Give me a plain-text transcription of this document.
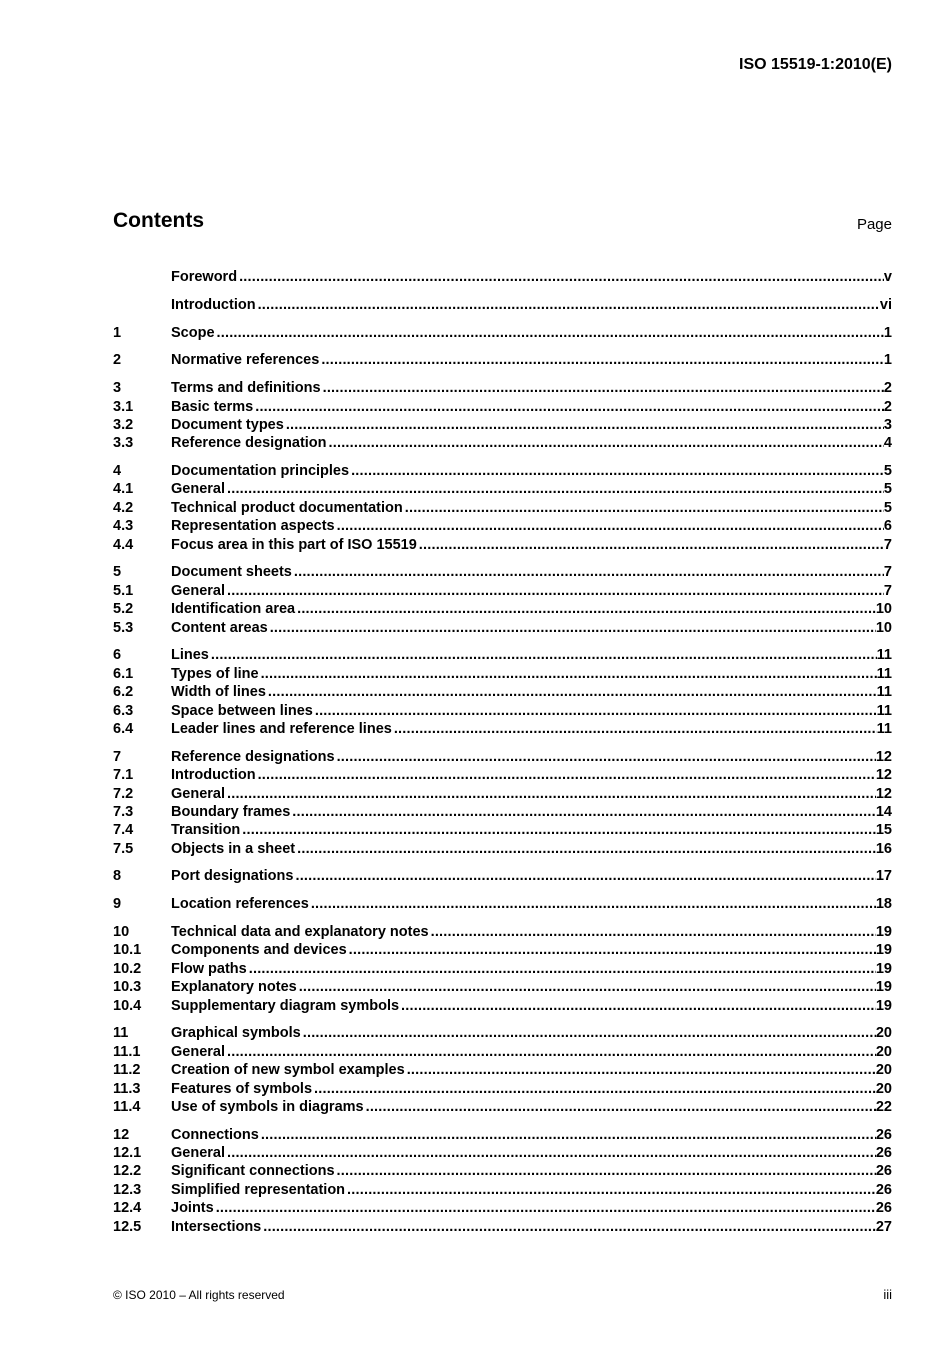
ISO 15519-1:2010(E)
Contents	Page
Foreword .....	v
Introduction .....	vi
1	Scope .....	1
2	Normative references .....	1
3	Terms and definitions .....	2
3.1	Basic terms .....	2
3.2	Document types .....	3
3.3	Reference designation .....	4
4	Documentation principles .....	5
4.1	General .....	5
4.2	Technical product documentation .....	5
4.3	Representation aspects .....	6
4.4	Focus area in this part of ISO 15519 .....	7
5	Document sheets .....	7
5.1	General .....	7
5.2	Identification area .....	10
5.3	Content areas .....	10
6	Lines .....	11
6.1	Types of line .....	11
6.2	Width of lines .....	11
6.3	Space between lines .....	11
6.4	Leader lines and reference lines .....	11
7	Reference designations .....	12
7.1	Introduction .....	12
7.2	General .....	12
7.3	Boundary frames .....	14
7.4	Transition .....	15
7.5	Objects in a sheet .....	16
8	Port designations .....	17
9	Location references .....	18
10	Technical data and explanatory notes .....	19
10.1	Components and devices .....	19
10.2	Flow paths .....	19
10.3	Explanatory notes .....	19
10.4	Supplementary diagram symbols .....	19
11	Graphical symbols .....	20
11.1	General .....	20
11.2	Creation of new symbol examples .....	20
11.3	Features of symbols .....	20
11.4	Use of symbols in diagrams .....	22
12	Connections .....	26
12.1	General .....	26
12.2	Significant connections .....	26
12.3	Simplified representation .....	26
12.4	Joints .....	26
12.5	Intersections .....	27
© ISO 2010 – All rights reserved	iii
